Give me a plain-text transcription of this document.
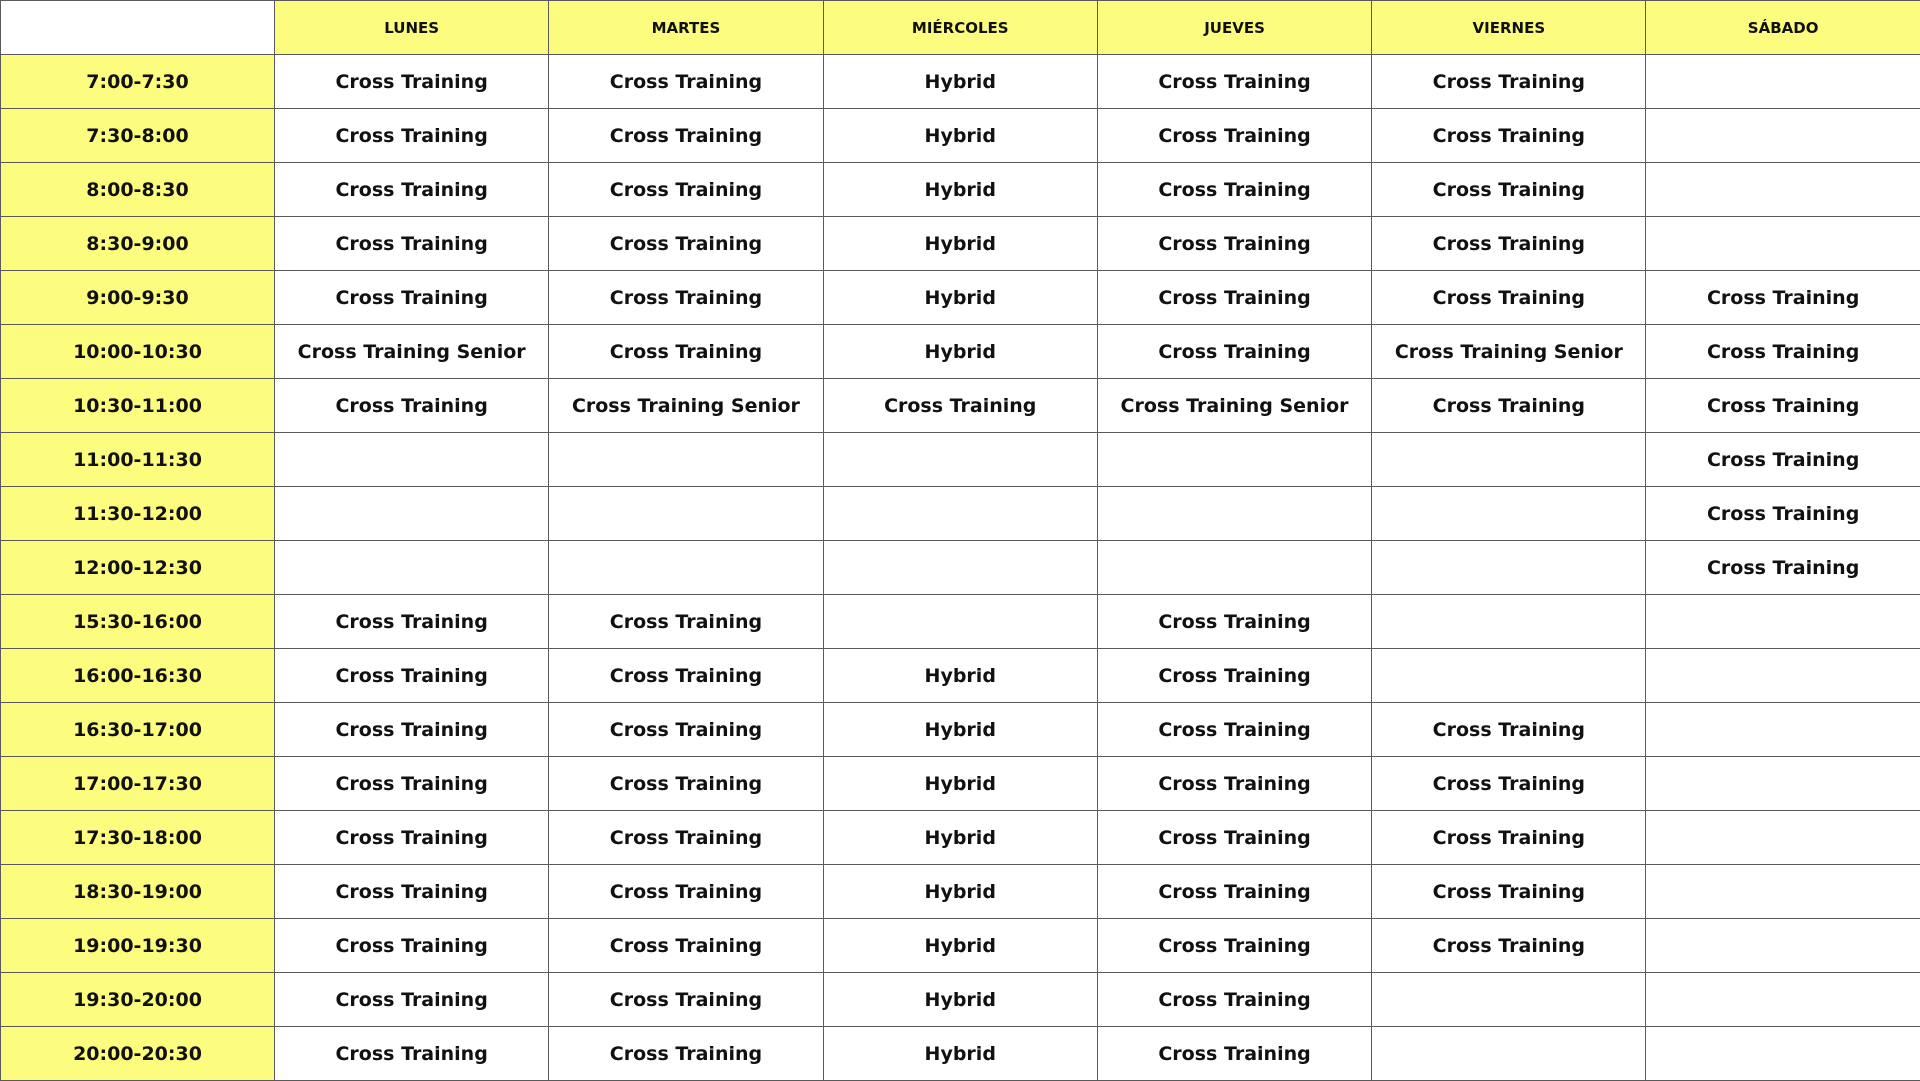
	LUNES	MARTES	MIÉRCOLES	JUEVES	VIERNES	SÁBADO
7:00-7:30	Cross Training	Cross Training	Hybrid	Cross Training	Cross Training	
7:30-8:00	Cross Training	Cross Training	Hybrid	Cross Training	Cross Training	
8:00-8:30	Cross Training	Cross Training	Hybrid	Cross Training	Cross Training	
8:30-9:00	Cross Training	Cross Training	Hybrid	Cross Training	Cross Training	
9:00-9:30	Cross Training	Cross Training	Hybrid	Cross Training	Cross Training	Cross Training
10:00-10:30	Cross Training Senior	Cross Training	Hybrid	Cross Training	Cross Training Senior	Cross Training
10:30-11:00	Cross Training	Cross Training Senior	Cross Training	Cross Training Senior	Cross Training	Cross Training
11:00-11:30						Cross Training
11:30-12:00						Cross Training
12:00-12:30						Cross Training
15:30-16:00	Cross Training	Cross Training		Cross Training		
16:00-16:30	Cross Training	Cross Training	Hybrid	Cross Training		
16:30-17:00	Cross Training	Cross Training	Hybrid	Cross Training	Cross Training	
17:00-17:30	Cross Training	Cross Training	Hybrid	Cross Training	Cross Training	
17:30-18:00	Cross Training	Cross Training	Hybrid	Cross Training	Cross Training	
18:30-19:00	Cross Training	Cross Training	Hybrid	Cross Training	Cross Training	
19:00-19:30	Cross Training	Cross Training	Hybrid	Cross Training	Cross Training	
19:30-20:00	Cross Training	Cross Training	Hybrid	Cross Training		
20:00-20:30	Cross Training	Cross Training	Hybrid	Cross Training		
